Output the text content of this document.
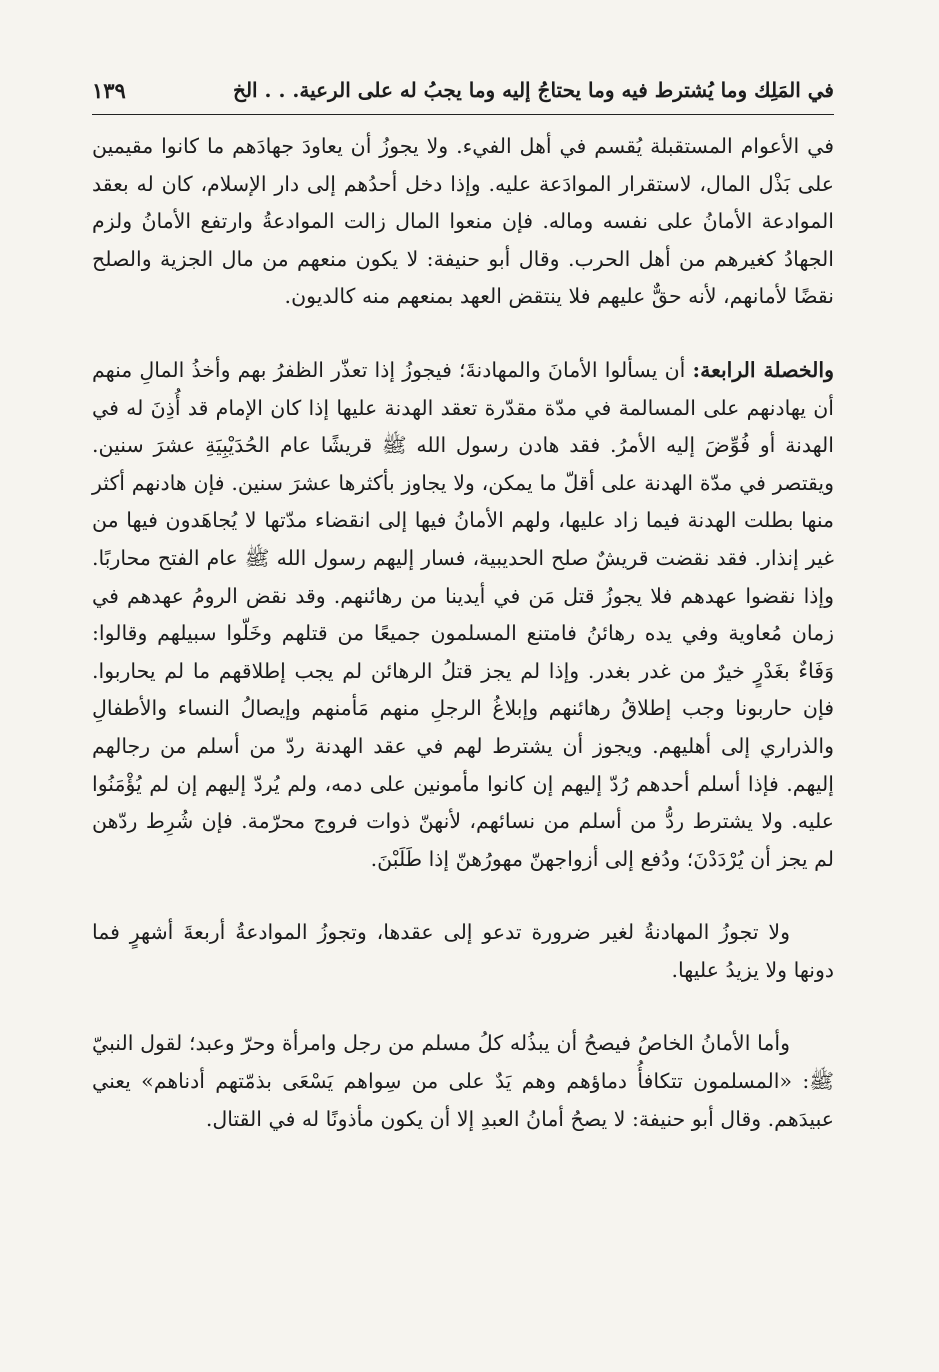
في المَلِك وما يُشترط فيه وما يحتاجُ إليه وما يجبُ له على الرعية. . . الخ
١٣٩

في الأعوام المستقبلة يُقسم في أهل الفيء. ولا يجوزُ أن يعاودَ جهادَهم ما كانوا مقيمين على بَذْل المال، لاستقرار الموادَعة عليه. وإذا دخل أحدُهم إلى دار الإسلام، كان له بعقد الموادعة الأمانُ على نفسه وماله. فإن منعوا المال زالت الموادعةُ وارتفع الأمانُ ولزم الجهادُ كغيرهم من أهل الحرب. وقال أبو حنيفة: لا يكون منعهم من مال الجزية والصلح نقضًا لأمانهم، لأنه حقٌّ عليهم فلا ينتقض العهد بمنعهم منه كالديون.

والخصلة الرابعة: أن يسألوا الأمانَ والمهادنةَ؛ فيجوزُ إذا تعذّر الظفرُ بهم وأخذُ المالِ منهم أن يهادنهم على المسالمة في مدّة مقدّرة تعقد الهدنة عليها إذا كان الإمام قد أُذِنَ له في الهدنة أو فُوِّضَ إليه الأمرُ. فقد هادن رسول الله ﷺ قريشًا عام الحُدَيْبِيَةِ عشرَ سنين. ويقتصر في مدّة الهدنة على أقلّ ما يمكن، ولا يجاوز بأكثرها عشرَ سنين. فإن هادنهم أكثر منها بطلت الهدنة فيما زاد عليها، ولهم الأمانُ فيها إلى انقضاء مدّتها لا يُجاهَدون فيها من غير إنذار. فقد نقضت قريشٌ صلح الحديبية، فسار إليهم رسول الله ﷺ عام الفتح محاربًا. وإذا نقضوا عهدهم فلا يجوزُ قتل مَن في أيدينا من رهائنهم. وقد نقض الرومُ عهدهم في زمان مُعاوية وفي يده رهائنُ فامتنع المسلمون جميعًا من قتلهم وخَلّوا سبيلهم وقالوا: وَفَاءٌ بغَدْرٍ خيرٌ من غدر بغدر. وإذا لم يجز قتلُ الرهائن لم يجب إطلاقهم ما لم يحاربوا. فإن حاربونا وجب إطلاقُ رهائنهم وإبلاغُ الرجلِ منهم مَأمنهم وإيصالُ النساء والأطفالِ والذراري إلى أهليهم. ويجوز أن يشترط لهم في عقد الهدنة ردّ من أسلم من رجالهم إليهم. فإذا أسلم أحدهم رُدّ إليهم إن كانوا مأمونين على دمه، ولم يُردّ إليهم إن لم يُؤْمَنُوا عليه. ولا يشترط ردُّ من أسلم من نسائهم، لأنهنّ ذوات فروج محرّمة. فإن شُرِط ردّهن لم يجز أن يُرْدَدْنَ؛ ودُفع إلى أزواجهنّ مهورُهنّ إذا طَلَبْنَ.

ولا تجوزُ المهادنةُ لغير ضرورة تدعو إلى عقدها، وتجوزُ الموادعةُ أربعةَ أشهرٍ فما دونها ولا يزيدُ عليها.

وأما الأمانُ الخاصُ فيصحُ أن يبذُله كلُ مسلم من رجل وامرأة وحرّ وعبد؛ لقول النبيّ ﷺ: «المسلمون تتكافأُ دماؤهم وهم يَدٌ على من سِواهم يَسْعَى بذمّتهم أدناهم» يعني عبيدَهم. وقال أبو حنيفة: لا يصحُ أمانُ العبدِ إلا أن يكون مأذونًا له في القتال.
